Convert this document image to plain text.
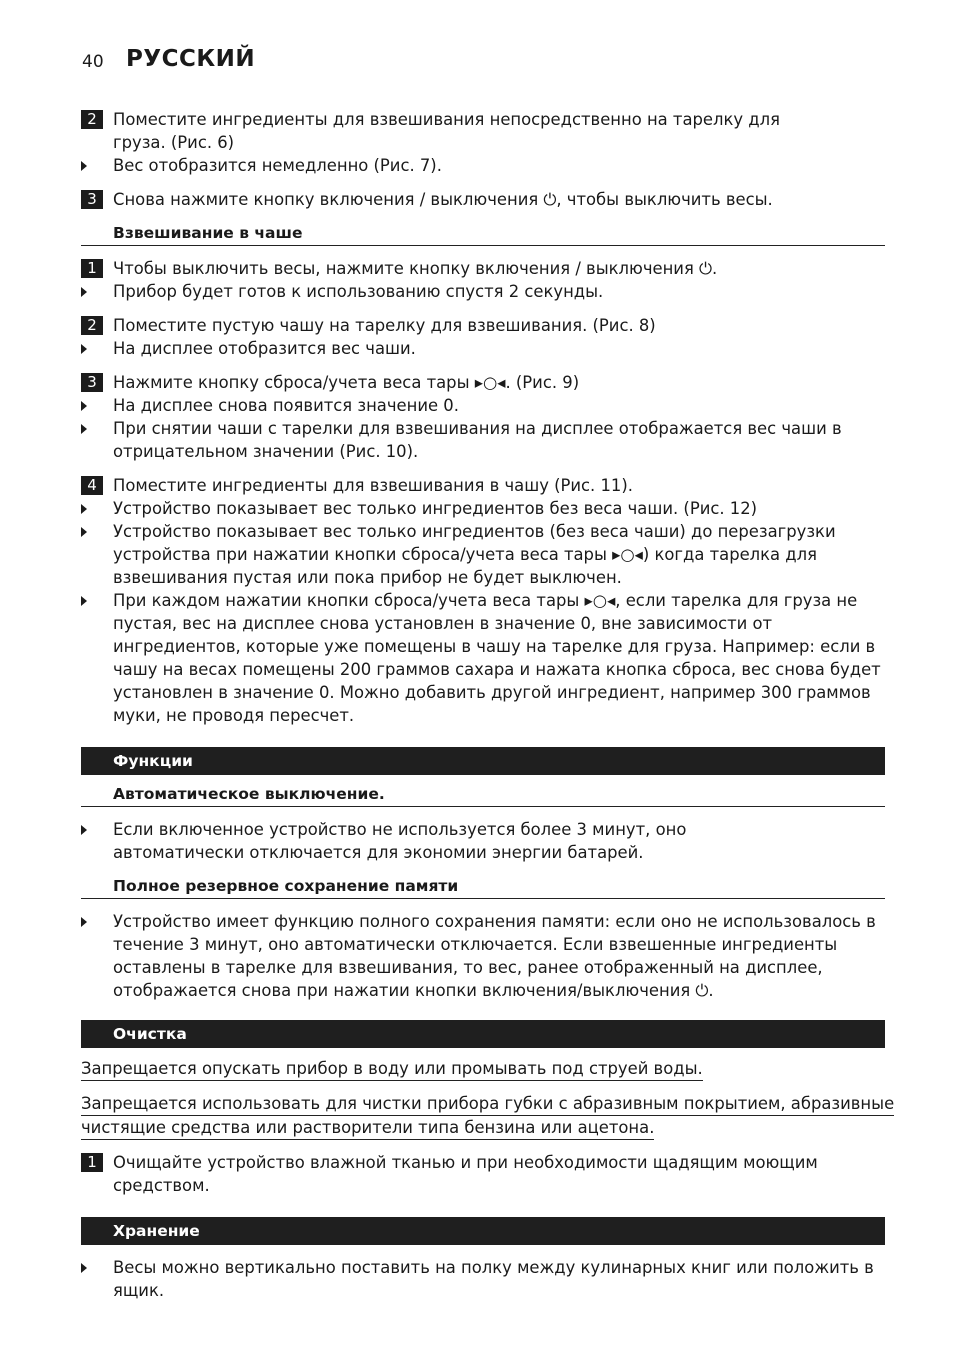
40 РУССКИЙ
2 Поместите ингредиенты для взвешивания непосредственно на тарелку для
груза. (Рис. 6)
Вес отобразится немедленно (Рис. 7).
3 Снова нажмите кнопку включения / выключения ⏻, чтобы выключить весы.
Взвешивание в чаше
1 Чтобы выключить весы, нажмите кнопку включения / выключения ⏻.
Прибор будет готов к использованию спустя 2 секунды.
2 Поместите пустую чашу на тарелку для взвешивания. (Рис. 8)
На дисплее отобразится вес чаши.
3 Нажмите кнопку сброса/учета веса тары ▸○◂. (Рис. 9)
На дисплее снова появится значение 0.
При снятии чаши с тарелки для взвешивания на дисплее отображается вес чаши в
отрицательном значении (Рис. 10).
4 Поместите ингредиенты для взвешивания в чашу (Рис. 11).
Устройство показывает вес только ингредиентов без веса чаши. (Рис. 12)
Устройство показывает вес только ингредиентов (без веса чаши) до перезагрузки
устройства при нажатии кнопки сброса/учета веса тары ▸○◂) когда тарелка для
взвешивания пустая или пока прибор не будет выключен.
При каждом нажатии кнопки сброса/учета веса тары ▸○◂, если тарелка для груза не
пустая, вес на дисплее снова установлен в значение 0, вне зависимости от
ингредиентов, которые уже помещены в чашу на тарелке для груза. Например: если в
чашу на весах помещены 200 граммов сахара и нажата кнопка сброса, вес снова будет
установлен в значение 0. Можно добавить другой ингредиент, например 300 граммов
муки, не проводя пересчет.
Функции
Автоматическое выключение.
Если включенное устройство не используется более 3 минут, оно
автоматически отключается для экономии энергии батарей.
Полное резервное сохранение памяти
Устройство имеет функцию полного сохранения памяти: если оно не использовалось в
течение 3 минут, оно автоматически отключается. Если взвешенные ингредиенты
оставлены в тарелке для взвешивания, то вес, ранее отображенный на дисплее,
отображается снова при нажатии кнопки включения/выключения ⏻.
Очистка
Запрещается опускать прибор в воду или промывать под струей воды.
Запрещается использовать для чистки прибора губки с абразивным покрытием, абразивные
чистящие средства или растворители типа бензина или ацетона.
1 Очищайте устройство влажной тканью и при необходимости щадящим моющим
средством.
Хранение
Весы можно вертикально поставить на полку между кулинарных книг или положить в
ящик.
